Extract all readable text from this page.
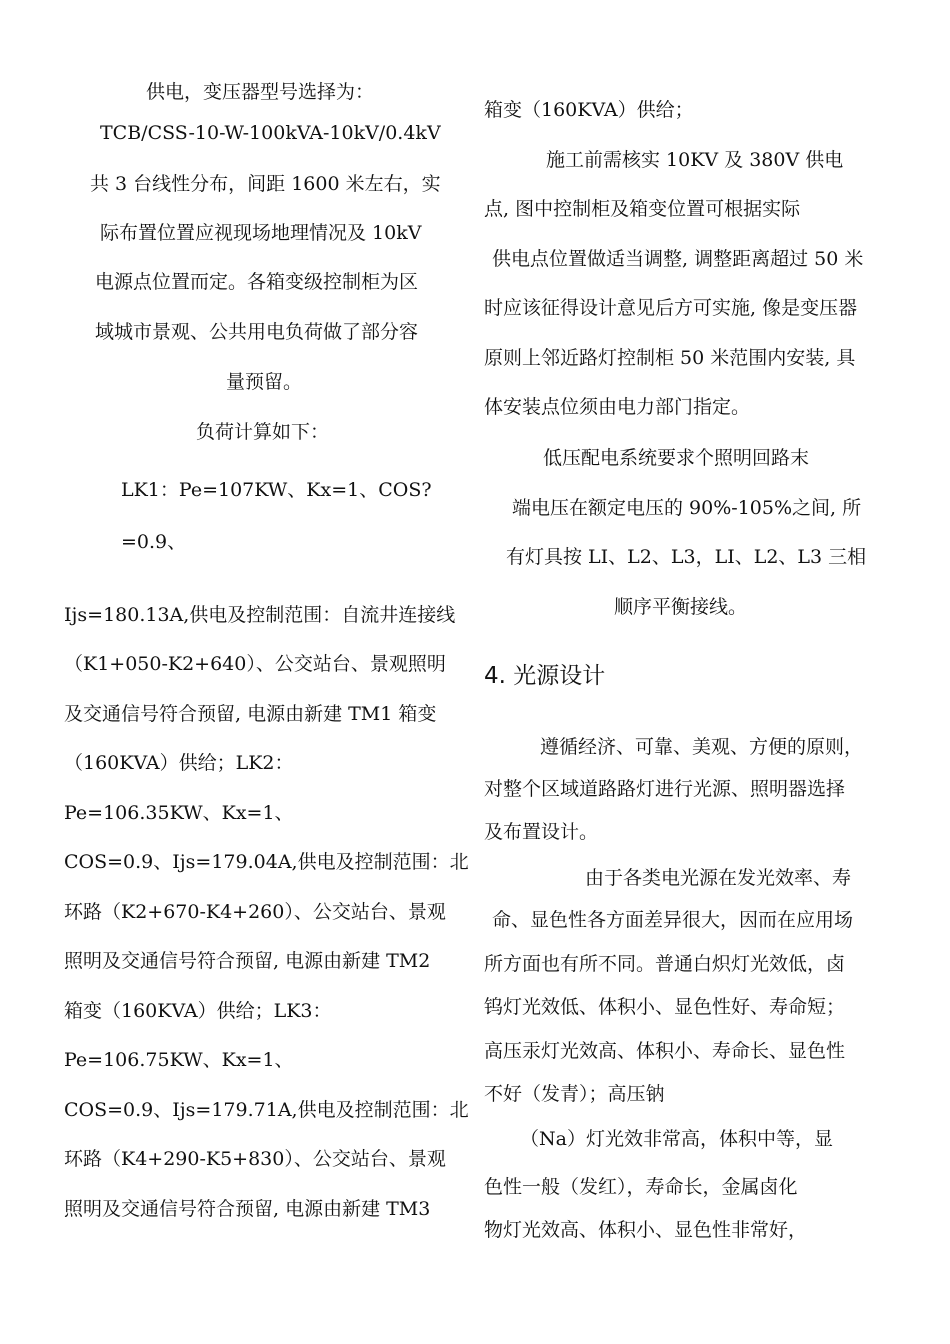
供电，变压器型号选择为：
TCB/CSS-10-W-100kVA-10kV/0.4kV
共 3 台线性分布，间距 1600 米左右，实
际布置位置应视现场地理情况及 10kV
电源点位置而定。各箱变级控制柜为区
域城市景观、公共用电负荷做了部分容
量预留。
负荷计算如下：
LK1：Pe=107KW、Kx=1、COS?
=0.9、
Ijs=180.13A,供电及控制范围：自流井连接线
（K1+050-K2+640）、公交站台、景观照明
及交通信号符合预留, 电源由新建 TM1 箱变
（160KVA）供给；LK2：
Pe=106.35KW、Kx=1、
COS=0.9、Ijs=179.04A,供电及控制范围：北
环路（K2+670-K4+260）、公交站台、景观
照明及交通信号符合预留, 电源由新建 TM2
箱变（160KVA）供给；LK3：
Pe=106.75KW、Kx=1、
COS=0.9、Ijs=179.71A,供电及控制范围：北
环路（K4+290-K5+830）、公交站台、景观
照明及交通信号符合预留, 电源由新建 TM3
箱变（160KVA）供给；
施工前需核实 10KV 及 380V 供电
点, 图中控制柜及箱变位置可根据实际
供电点位置做适当调整, 调整距离超过 50 米
时应该征得设计意见后方可实施, 像是变压器
原则上邻近路灯控制柜 50 米范围内安装, 具
体安装点位须由电力部门指定。
低压配电系统要求个照明回路末
端电压在额定电压的 90%-105%之间, 所
有灯具按 LI、L2、L3，LI、L2、L3 三相
顺序平衡接线。
4. 光源设计
遵循经济、可靠、美观、方便的原则，
对整个区域道路路灯进行光源、照明器选择
及布置设计。
由于各类电光源在发光效率、寿
命、显色性各方面差异很大，因而在应用场
所方面也有所不同。普通白炽灯光效低，卤
钨灯光效低、体积小、显色性好、寿命短；
高压汞灯光效高、体积小、寿命长、显色性
不好（发青）；高压钠
（Na）灯光效非常高，体积中等，显
色性一般（发红），寿命长，金属卤化
物灯光效高、体积小、显色性非常好，
